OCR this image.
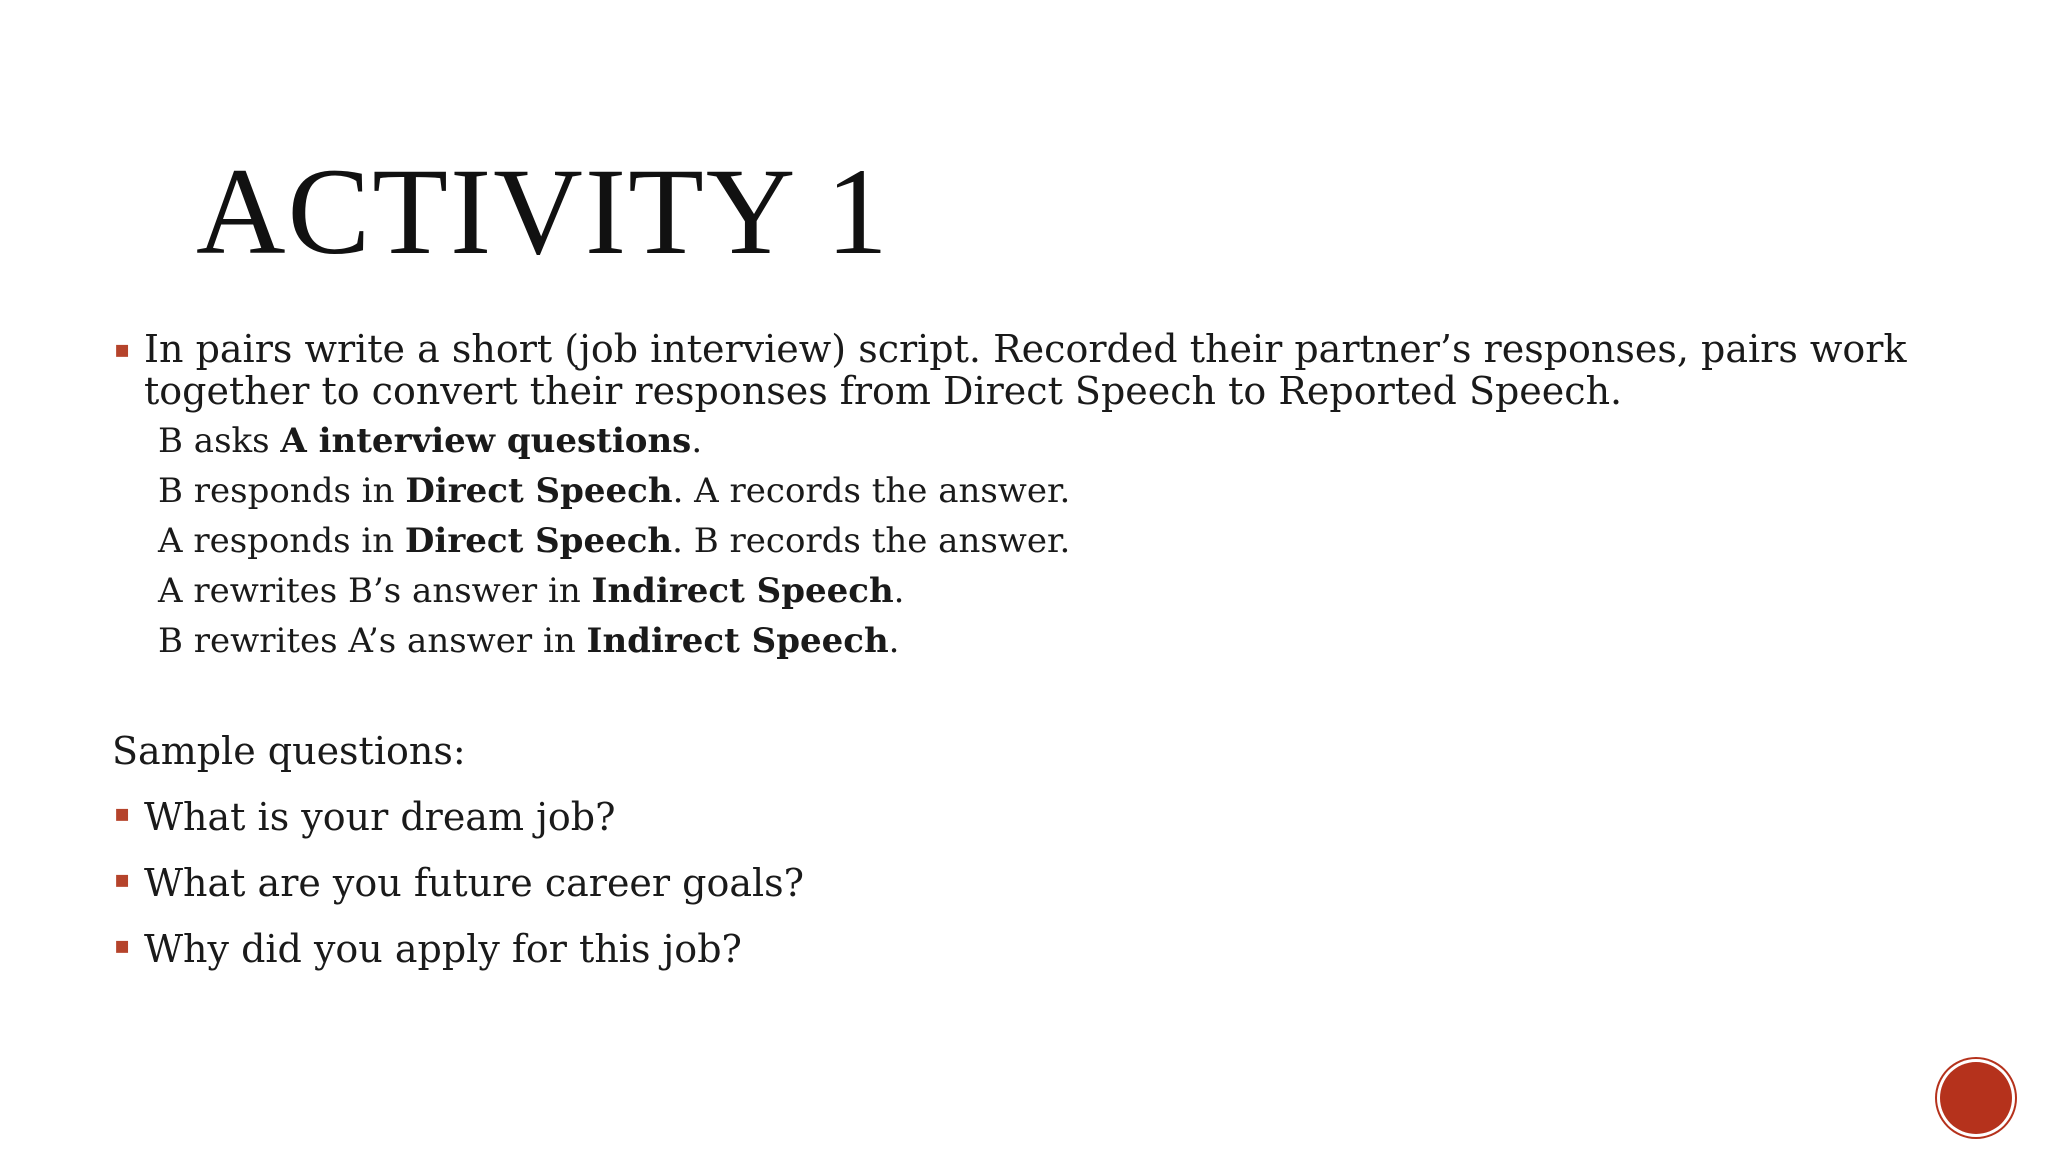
ACTIVITY 1
▪ In pairs write a short (job interview) script. Recorded their partner’s responses, pairs work together to convert their responses from Direct Speech to Reported Speech.
B asks A interview questions.
B responds in Direct Speech. A records the answer.
A responds in Direct Speech. B records the answer.
A rewrites B’s answer in Indirect Speech.
B rewrites A’s answer in Indirect Speech.
Sample questions:
▪ What is your dream job?
▪ What are you future career goals?
▪ Why did you apply for this job?
